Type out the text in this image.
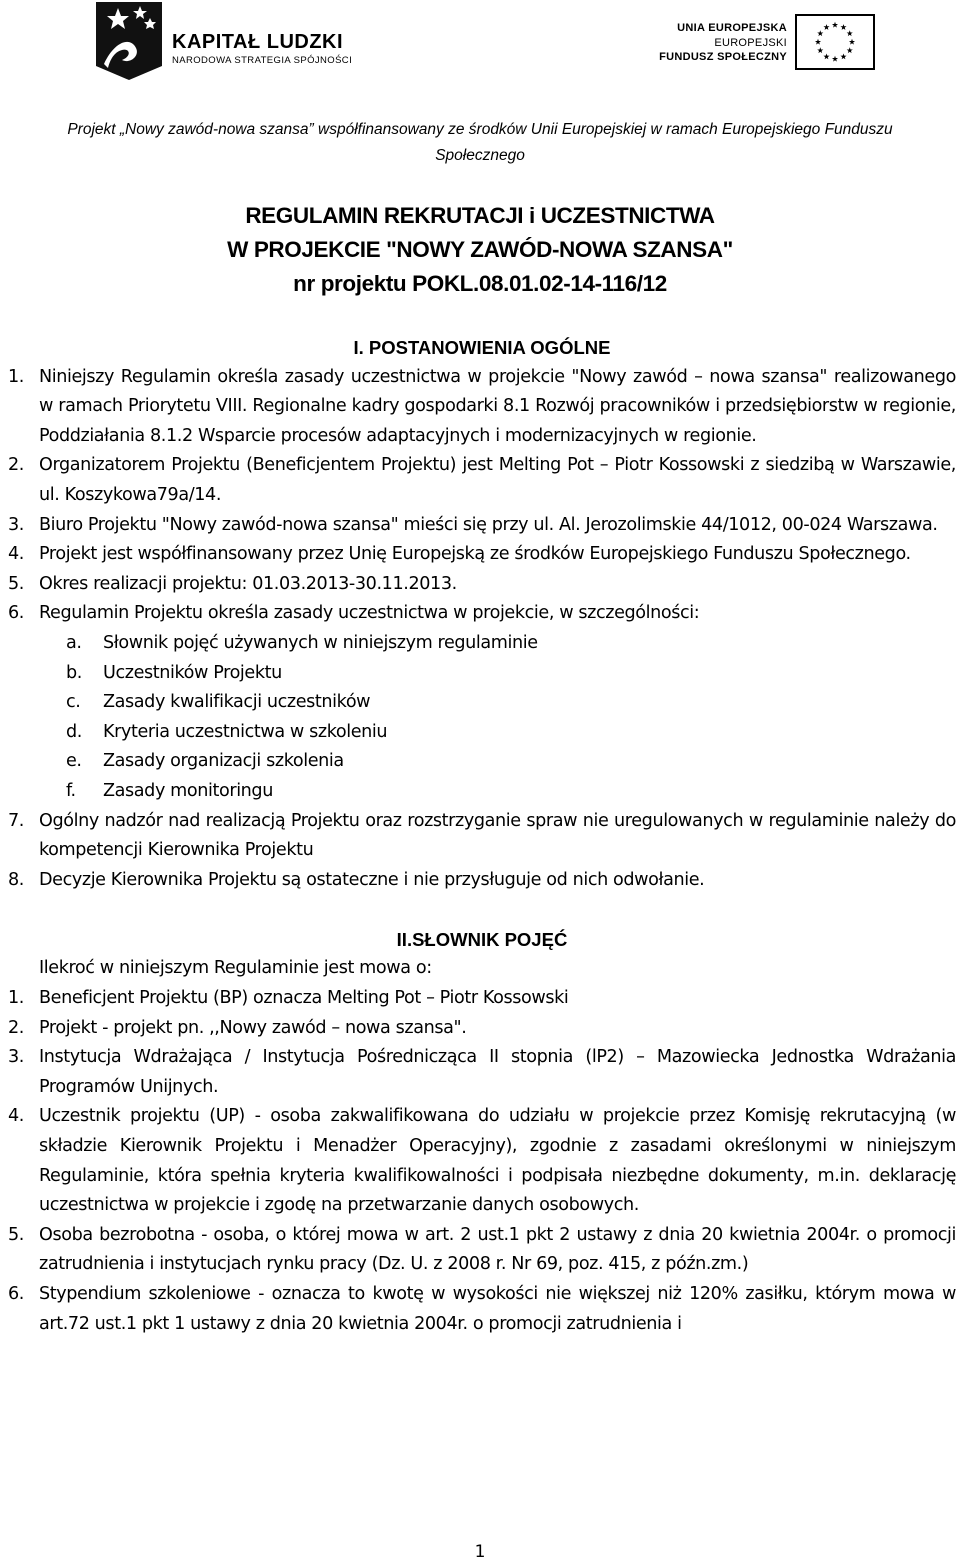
KAPITAŁ LUDZKI
NARODOWA STRATEGIA SPÓJNOŚCI
UNIA EUROPEJSKA
EUROPEJSKI
FUNDUSZ SPOŁECZNY
Projekt „Nowy zawód-nowa szansa” współfinansowany ze środków Unii Europejskiej w ramach Europejskiego Funduszu Społecznego
REGULAMIN REKRUTACJI i UCZESTNICTWA
W PROJEKCIE "NOWY ZAWÓD-NOWA SZANSA"
nr projektu POKL.08.01.02-14-116/12
I. POSTANOWIENIA OGÓLNE
1. Niniejszy Regulamin określa zasady uczestnictwa w projekcie "Nowy zawód – nowa szansa" realizowanego w ramach Priorytetu VIII. Regionalne kadry gospodarki 8.1 Rozwój pracowników i przedsiębiorstw w regionie, Poddziałania 8.1.2 Wsparcie procesów adaptacyjnych i modernizacyjnych w regionie.
2. Organizatorem Projektu (Beneficjentem Projektu) jest Melting Pot – Piotr Kossowski z siedzibą w Warszawie, ul. Koszykowa79a/14.
3. Biuro Projektu "Nowy zawód-nowa szansa" mieści się przy ul. Al. Jerozolimskie 44/1012, 00-024 Warszawa.
4. Projekt jest współfinansowany przez Unię Europejską ze środków Europejskiego Funduszu Społecznego.
5. Okres realizacji projektu: 01.03.2013-30.11.2013.
6. Regulamin Projektu określa zasady uczestnictwa w projekcie, w szczególności:
a.	Słownik pojęć używanych w niniejszym regulaminie
b.	Uczestników Projektu
c.	Zasady kwalifikacji uczestników
d.	Kryteria uczestnictwa w szkoleniu
e.	Zasady organizacji szkolenia
f.	Zasady monitoringu
7. Ogólny nadzór nad realizacją Projektu oraz rozstrzyganie spraw nie uregulowanych w regulaminie należy do kompetencji Kierownika Projektu
8. Decyzje Kierownika Projektu są ostateczne i nie przysługuje od nich odwołanie.
II.SŁOWNIK POJĘĆ
Ilekroć w niniejszym Regulaminie jest mowa o:
1. Beneficjent Projektu (BP) oznacza Melting Pot – Piotr Kossowski
2. Projekt - projekt pn. ,,Nowy zawód – nowa szansa".
3. Instytucja Wdrażająca / Instytucja Pośrednicząca II stopnia (lP2) – Mazowiecka Jednostka Wdrażania Programów Unijnych.
4. Uczestnik projektu (UP) - osoba zakwalifikowana do udziału w projekcie przez Komisję rekrutacyjną (w składzie Kierownik Projektu i Menadżer Operacyjny), zgodnie z zasadami określonymi w niniejszym Regulaminie, która spełnia kryteria kwalifikowalności i podpisała niezbędne dokumenty, m.in. deklarację uczestnictwa w projekcie i zgodę na przetwarzanie danych osobowych.
5. Osoba bezrobotna - osoba, o której mowa w art. 2 ust.1 pkt 2 ustawy z dnia 20 kwietnia 2004r. o promocji zatrudnienia i instytucjach rynku pracy (Dz. U. z 2008 r. Nr 69, poz. 415, z późn.zm.)
6. Stypendium szkoleniowe - oznacza to kwotę w wysokości nie większej niż 120% zasiłku, którym mowa w art.72 ust.1 pkt 1 ustawy z dnia 20 kwietnia 2004r. o promocji zatrudnienia i
1
